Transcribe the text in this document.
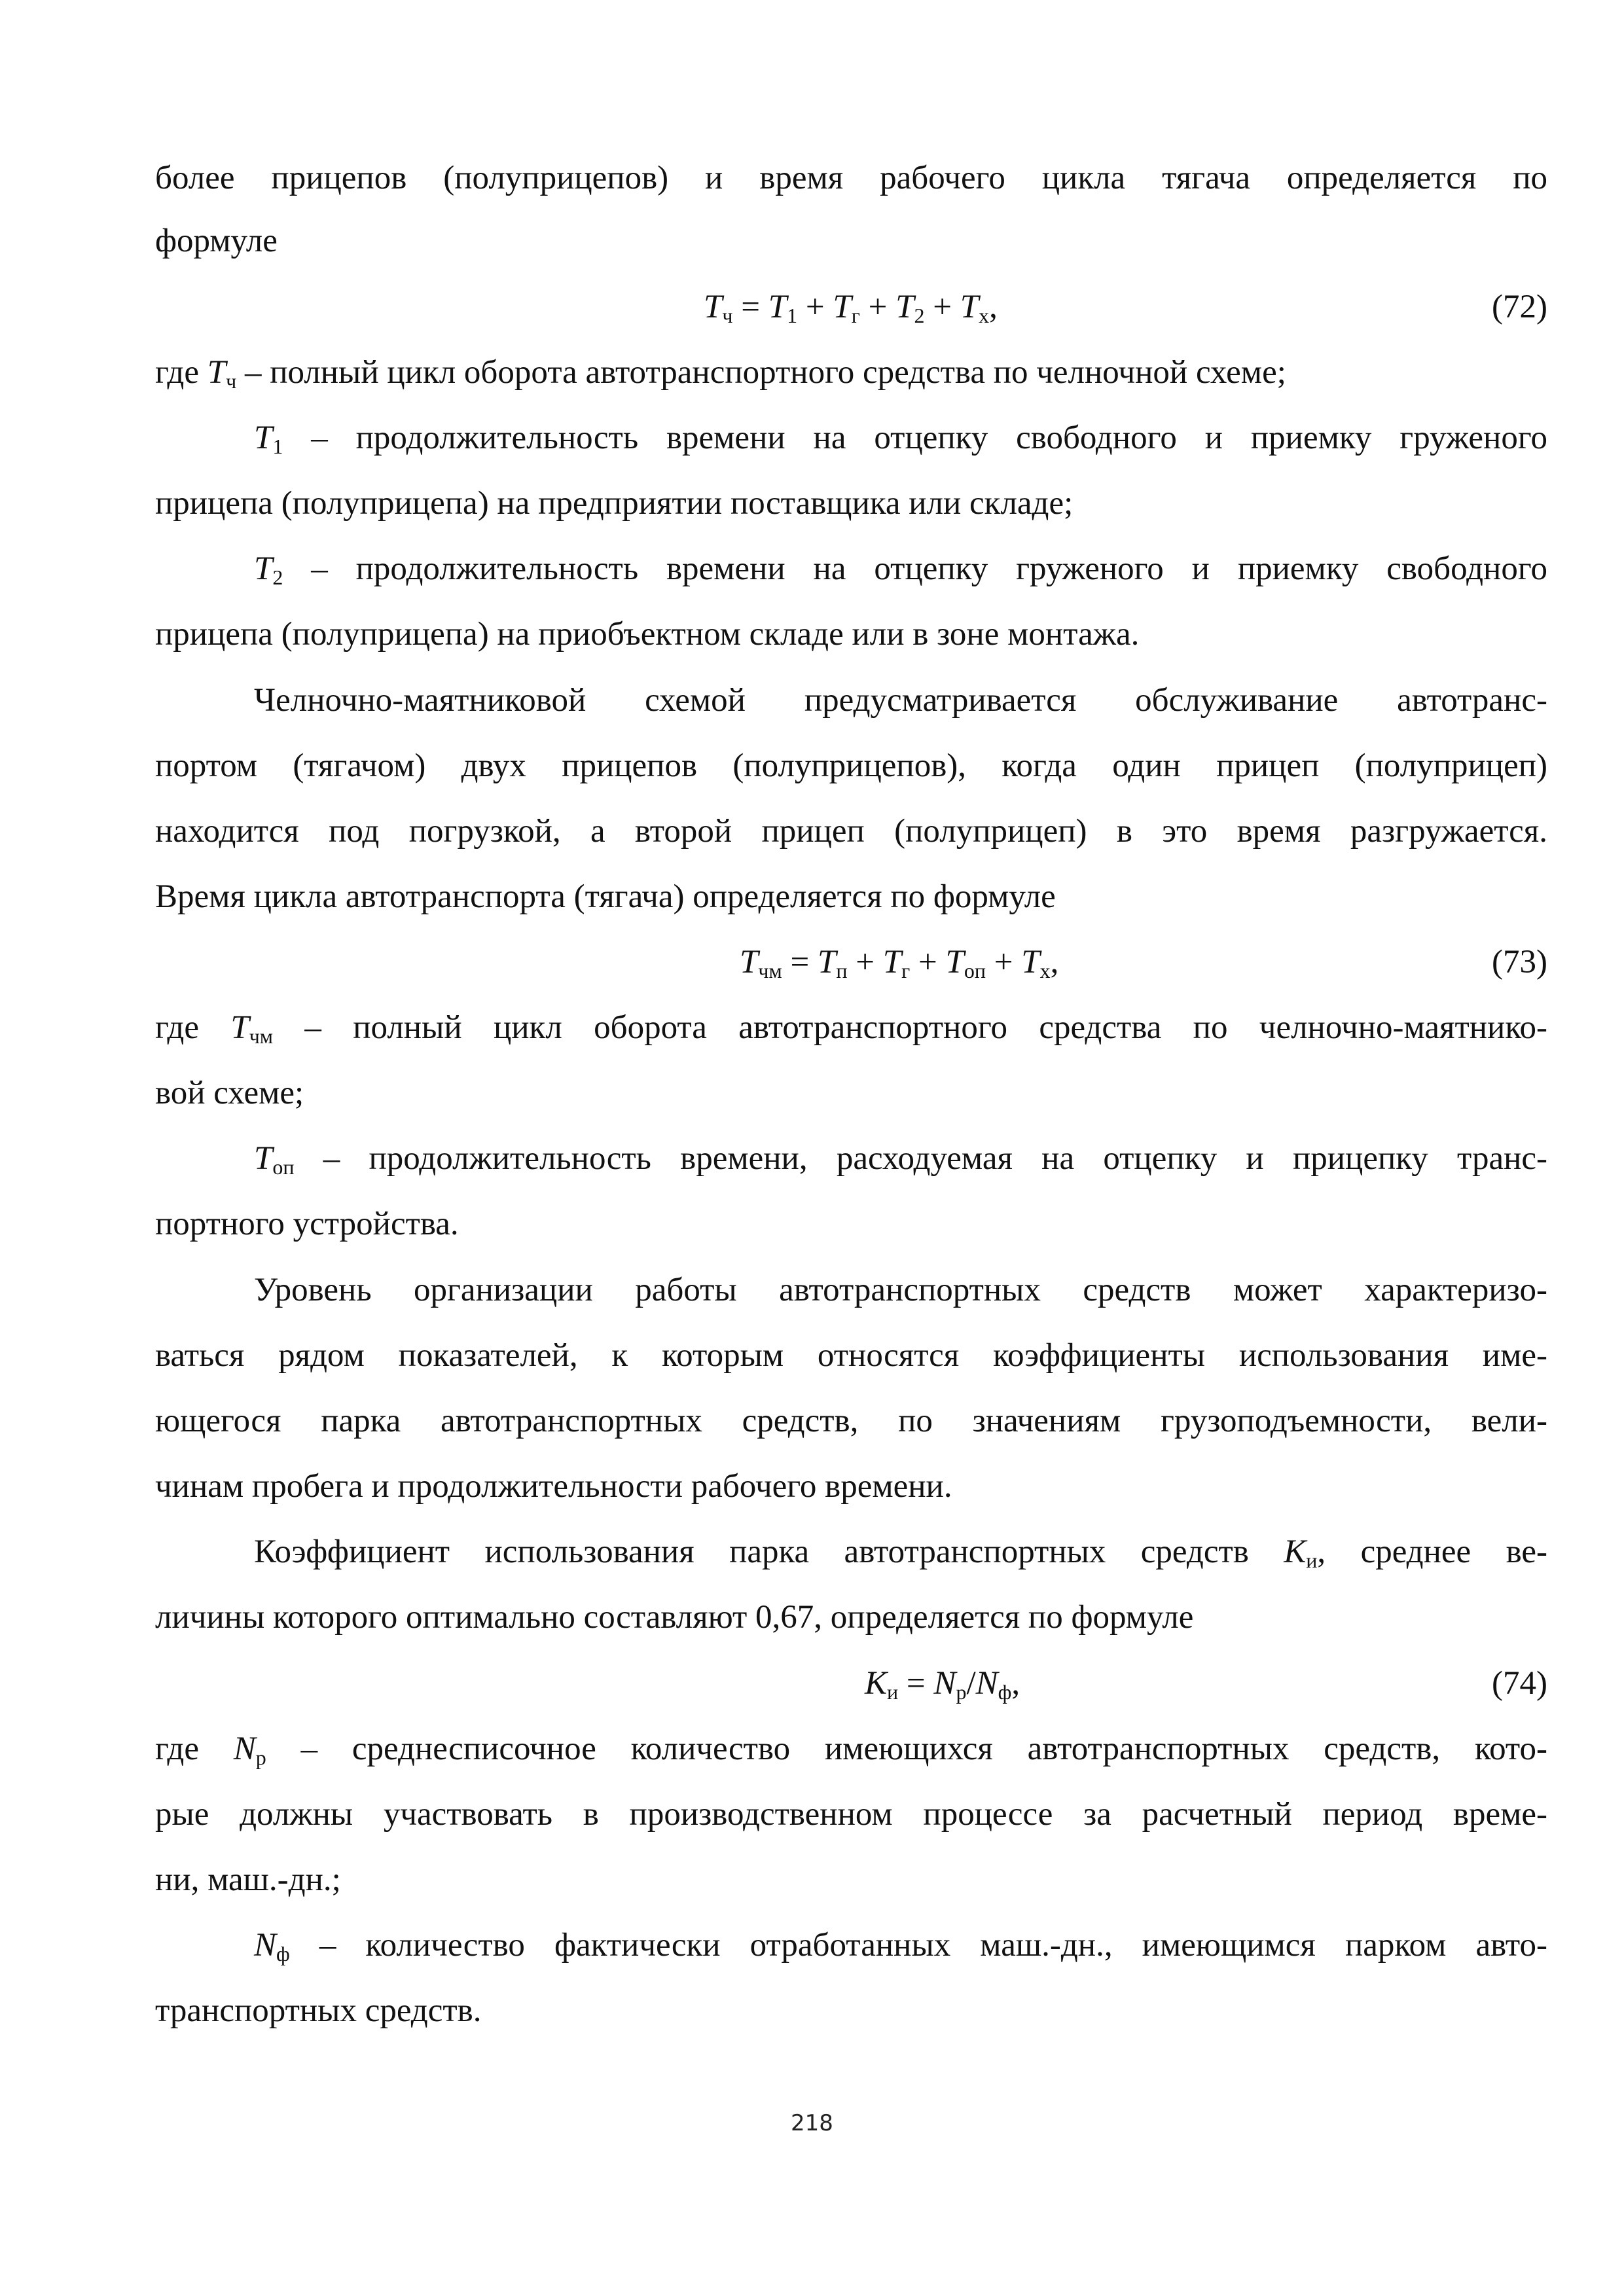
более прицепов (полуприцепов) и время рабочего цикла тягача определяется по
формуле
$T_ч = T_1 + T_г + T_2 + T_х$,	(72)
где $T_ч$ – полный цикл оборота автотранспортного средства по челночной схеме;
$T_1$ – продолжительность времени на отцепку свободного и приемку груженого
прицепа (полуприцепа) на предприятии поставщика или складе;
$T_2$ – продолжительность времени на отцепку груженого и приемку свободного
прицепа (полуприцепа) на приобъектном складе или в зоне монтажа.
Челночно-маятниковой схемой предусматривается обслуживание автотранс-
портом (тягачом) двух прицепов (полуприцепов), когда один прицеп (полуприцеп)
находится под погрузкой, а второй прицеп (полуприцеп) в это время разгружается.
Время цикла автотранспорта (тягача) определяется по формуле
$T_{чм} = T_п + T_г + T_{оп} + T_х$,	(73)
где $T_{чм}$ – полный цикл оборота автотранспортного средства по челночно-маятнико-
вой схеме;
$T_{оп}$ – продолжительность времени, расходуемая на отцепку и прицепку транс-
портного устройства.
Уровень организации работы автотранспортных средств может характеризо-
ваться рядом показателей, к которым относятся коэффициенты использования име-
ющегося парка автотранспортных средств, по значениям грузоподъемности, вели-
чинам пробега и продолжительности рабочего времени.
Коэффициент использования парка автотранспортных средств $K_и$, среднее ве-
личины которого оптимально составляют 0,67, определяется по формуле
$K_и = N_р/N_ф$,	(74)
где $N_р$ – среднесписочное количество имеющихся автотранспортных средств, кото-
рые должны участвовать в производственном процессе за расчетный период време-
ни, маш.-дн.;
$N_ф$ – количество фактически отработанных маш.-дн., имеющимся парком авто-
транспортных средств.
218
